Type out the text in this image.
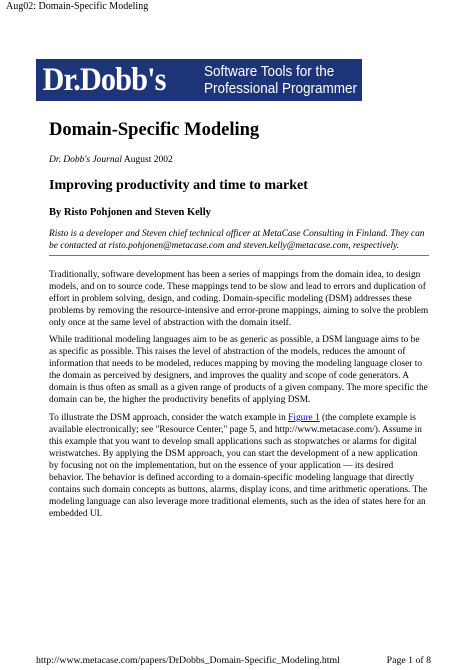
Aug02: Domain-Specific Modeling
Dr.Dobb's	Software Tools for the
Professional Programmer
Domain-Specific Modeling
Dr. Dobb's Journal August 2002
Improving productivity and time to market
By Risto Pohjonen and Steven Kelly
Risto is a developer and Steven chief technical officer at MetaCase Consulting in Finland. They can be contacted at risto.pohjonen@metacase.com and steven.kelly@metacase.com, respectively.

Traditionally, software development has been a series of mappings from the domain idea, to design models, and on to source code. These mappings tend to be slow and lead to errors and duplication of effort in problem solving, design, and coding. Domain-specific modeling (DSM) addresses these problems by removing the resource-intensive and error-prone mappings, aiming to solve the problem only once at the same level of abstraction with the domain itself.

While traditional modeling languages aim to be as generic as possible, a DSM language aims to be as specific as possible. This raises the level of abstraction of the models, reduces the amount of information that needs to be modeled, reduces mapping by moving the modeling language closer to the domain as perceived by designers, and improves the quality and scope of code generators. A domain is thus often as small as a given range of products of a given company. The more specific the domain can be, the higher the productivity benefits of applying DSM.

To illustrate the DSM approach, consider the watch example in Figure 1 (the complete example is available electronically; see "Resource Center," page 5, and http://www.metacase.com/). Assume in this example that you want to develop small applications such as stopwatches or alarms for digital wristwatches. By applying the DSM approach, you can start the development of a new application by focusing not on the implementation, but on the essence of your application — its desired behavior. The behavior is defined according to a domain-specific modeling language that directly contains such domain concepts as buttons, alarms, display icons, and time arithmetic operations. The modeling language can also leverage more traditional elements, such as the idea of states here for an embedded UI.

http://www.metacase.com/papers/DrDobbs_Domain-Specific_Modeling.html	Page 1 of 8
